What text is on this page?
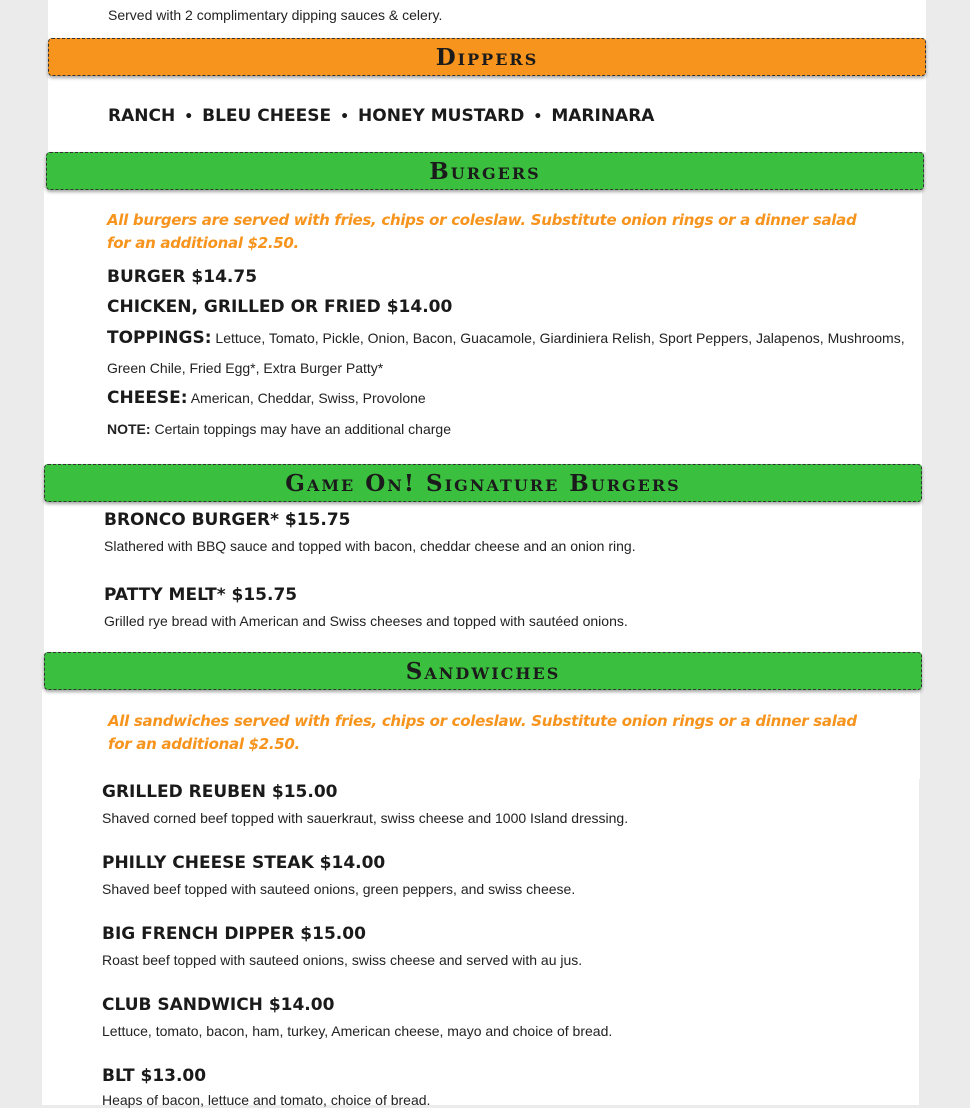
Served with 2 complimentary dipping sauces & celery.
Dippers
RANCH • BLEU CHEESE • HONEY MUSTARD • MARINARA
Burgers
All burgers are served with fries, chips or coleslaw. Substitute onion rings or a dinner salad for an additional $2.50.
BURGER $14.75
CHICKEN, GRILLED OR FRIED $14.00
TOPPINGS: Lettuce, Tomato, Pickle, Onion, Bacon, Guacamole, Giardiniera Relish, Sport Peppers, Jalapenos, Mushrooms, Green Chile, Fried Egg*, Extra Burger Patty*
CHEESE: American, Cheddar, Swiss, Provolone
NOTE: Certain toppings may have an additional charge
Game On! Signature Burgers
BRONCO BURGER* $15.75
Slathered with BBQ sauce and topped with bacon, cheddar cheese and an onion ring.
PATTY MELT* $15.75
Grilled rye bread with American and Swiss cheeses and topped with sautéed onions.
Sandwiches
All sandwiches served with fries, chips or coleslaw. Substitute onion rings or a dinner salad for an additional $2.50.
GRILLED REUBEN $15.00
Shaved corned beef topped with sauerkraut, swiss cheese and 1000 Island dressing.
PHILLY CHEESE STEAK $14.00
Shaved beef topped with sauteed onions, green peppers, and swiss cheese.
BIG FRENCH DIPPER $15.00
Roast beef topped with sauteed onions, swiss cheese and served with au jus.
CLUB SANDWICH $14.00
Lettuce, tomato, bacon, ham, turkey, American cheese, mayo and choice of bread.
BLT $13.00
Heaps of bacon, lettuce and tomato, choice of bread.
